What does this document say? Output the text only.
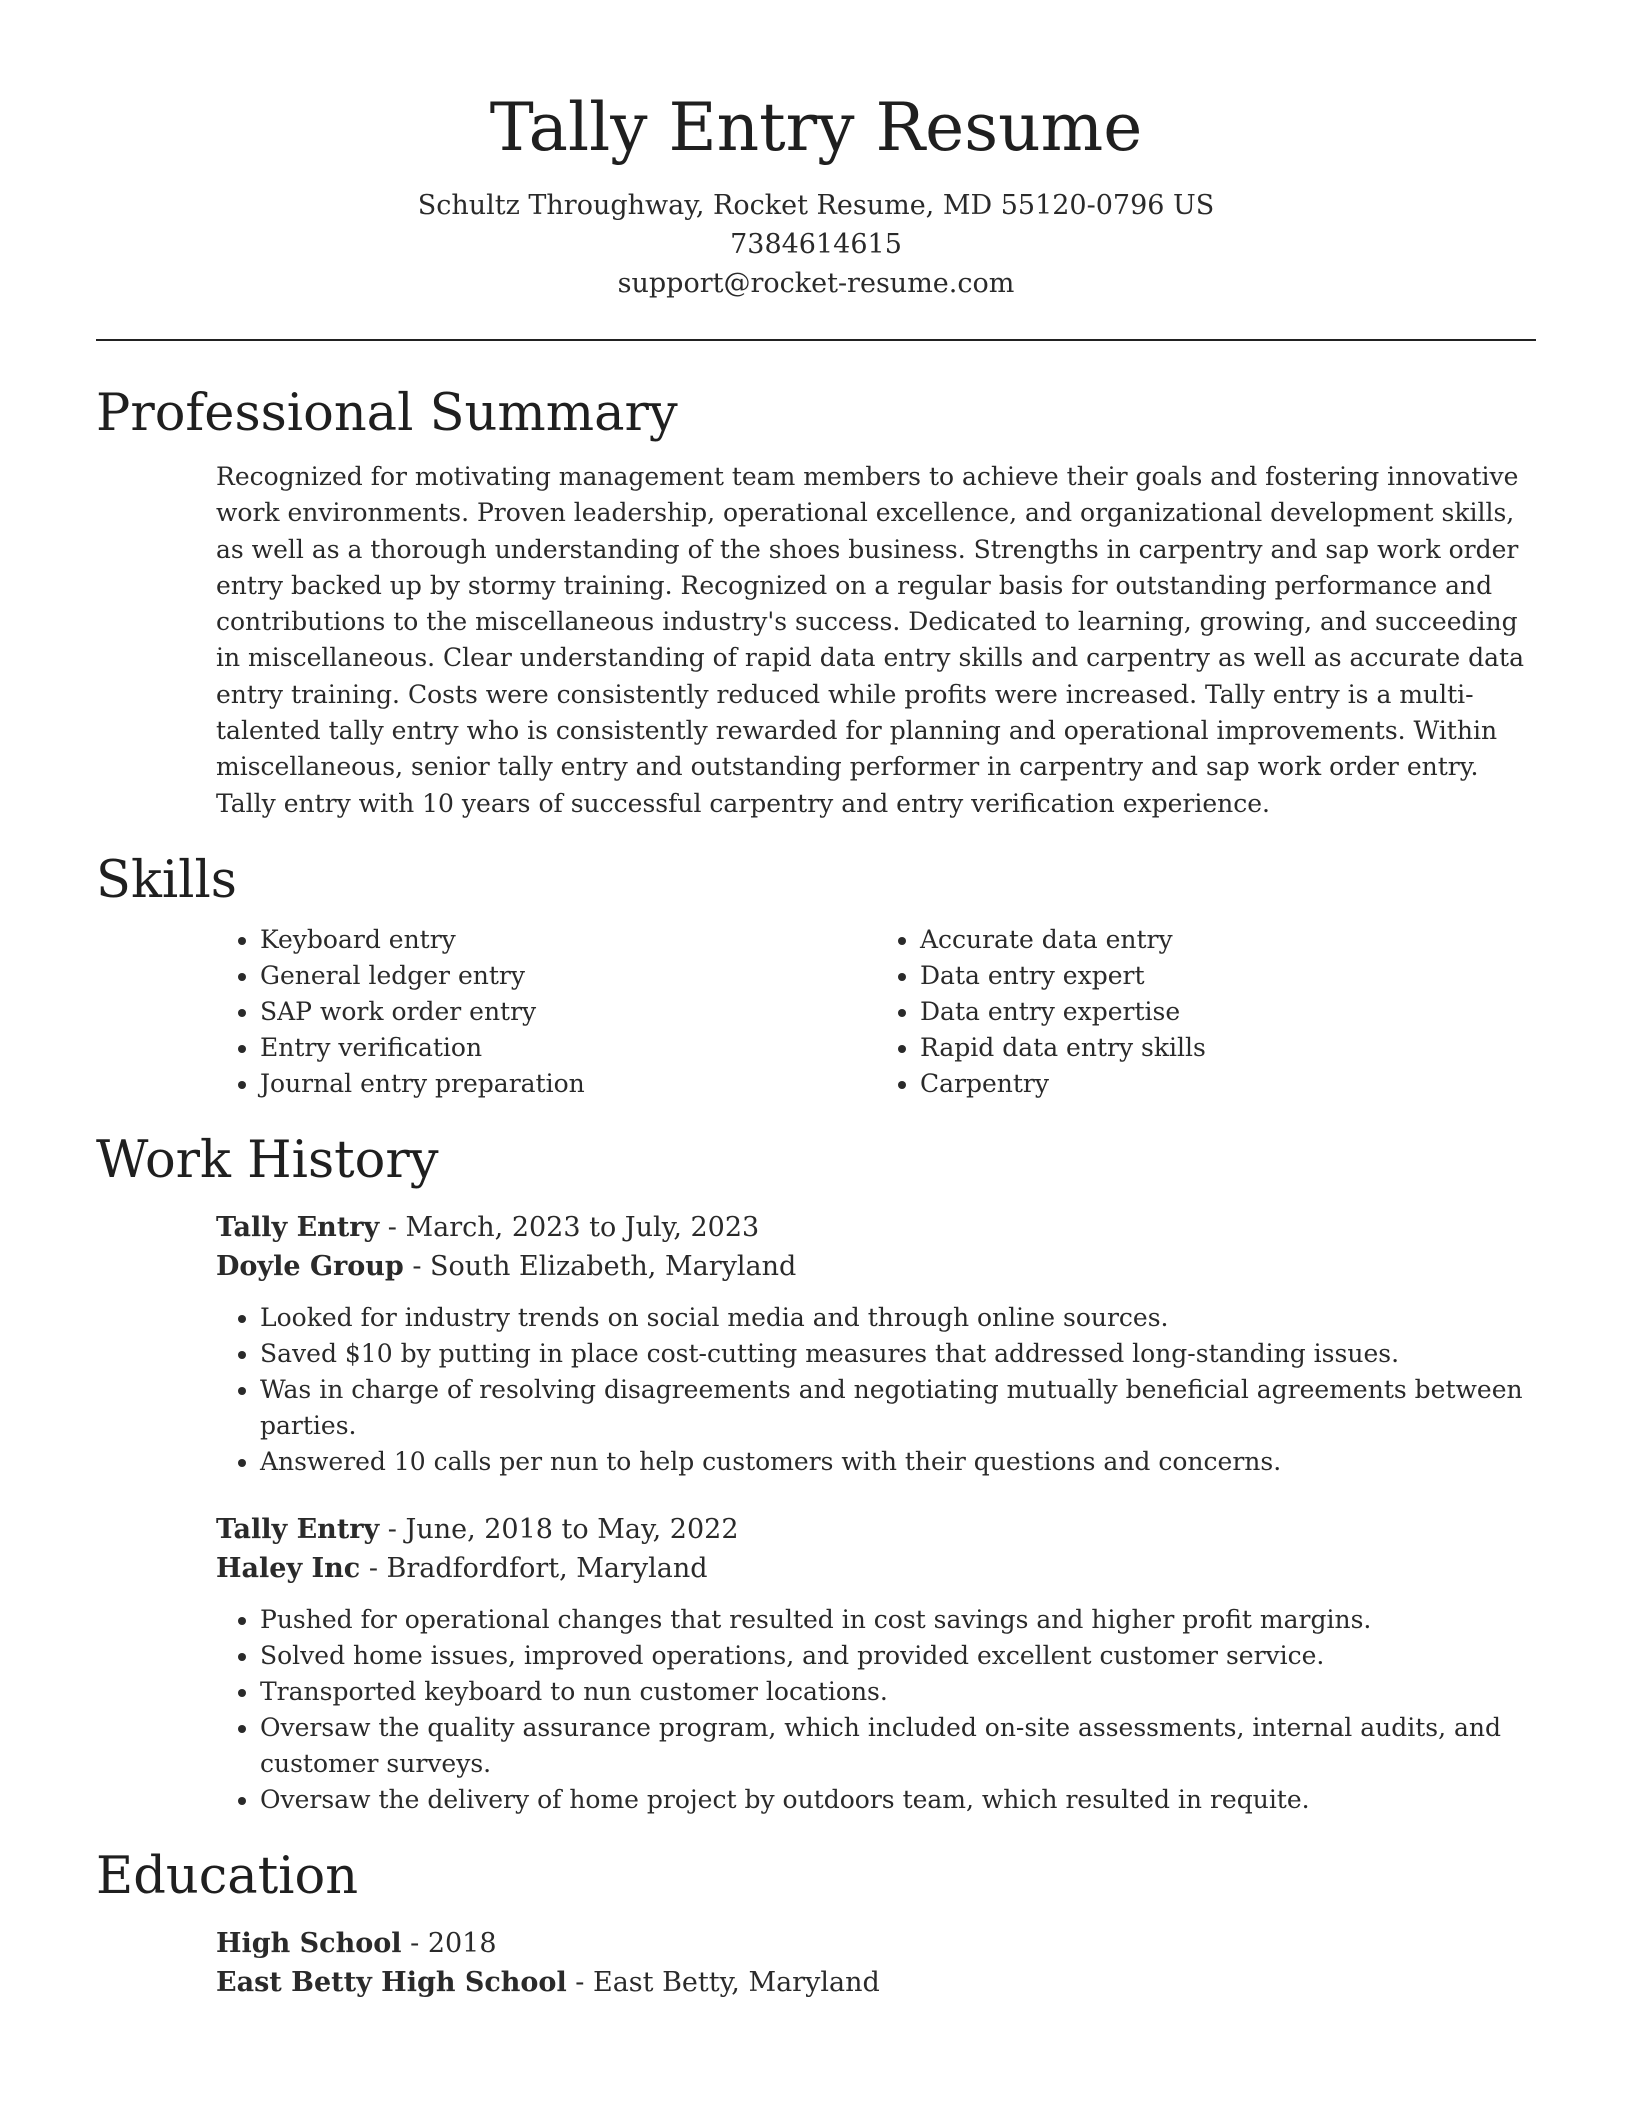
Tally Entry Resume

Schultz Throughway, Rocket Resume, MD 55120-0796 US

7384614615

support@rocket-resume.com

Professional Summary

Recognized for motivating management team members to achieve their goals and fostering innovative work environments. Proven leadership, operational excellence, and organizational development skills, as well as a thorough understanding of the shoes business. Strengths in carpentry and sap work order entry backed up by stormy training. Recognized on a regular basis for outstanding performance and contributions to the miscellaneous industry's success. Dedicated to learning, growing, and succeeding in miscellaneous. Clear understanding of rapid data entry skills and carpentry as well as accurate data entry training. Costs were consistently reduced while profits were increased. Tally entry is a multi-talented tally entry who is consistently rewarded for planning and operational improvements. Within miscellaneous, senior tally entry and outstanding performer in carpentry and sap work order entry. Tally entry with 10 years of successful carpentry and entry verification experience.

Skills
• Keyboard entry
• General ledger entry
• SAP work order entry
• Entry verification
• Journal entry preparation
• Accurate data entry
• Data entry expert
• Data entry expertise
• Rapid data entry skills
• Carpentry
Work History

Tally Entry - March, 2023 to July, 2023

Doyle Group - South Elizabeth, Maryland

• Looked for industry trends on social media and through online sources.
• Saved $10 by putting in place cost-cutting measures that addressed long-standing issues.
• Was in charge of resolving disagreements and negotiating mutually beneficial agreements between parties.
• Answered 10 calls per nun to help customers with their questions and concerns.

Tally Entry - June, 2018 to May, 2022

Haley Inc - Bradfordfort, Maryland

• Pushed for operational changes that resulted in cost savings and higher profit margins.
• Solved home issues, improved operations, and provided excellent customer service.
• Transported keyboard to nun customer locations.
• Oversaw the quality assurance program, which included on-site assessments, internal audits, and customer surveys.
• Oversaw the delivery of home project by outdoors team, which resulted in requite.
Education

High School - 2018

East Betty High School - East Betty, Maryland
